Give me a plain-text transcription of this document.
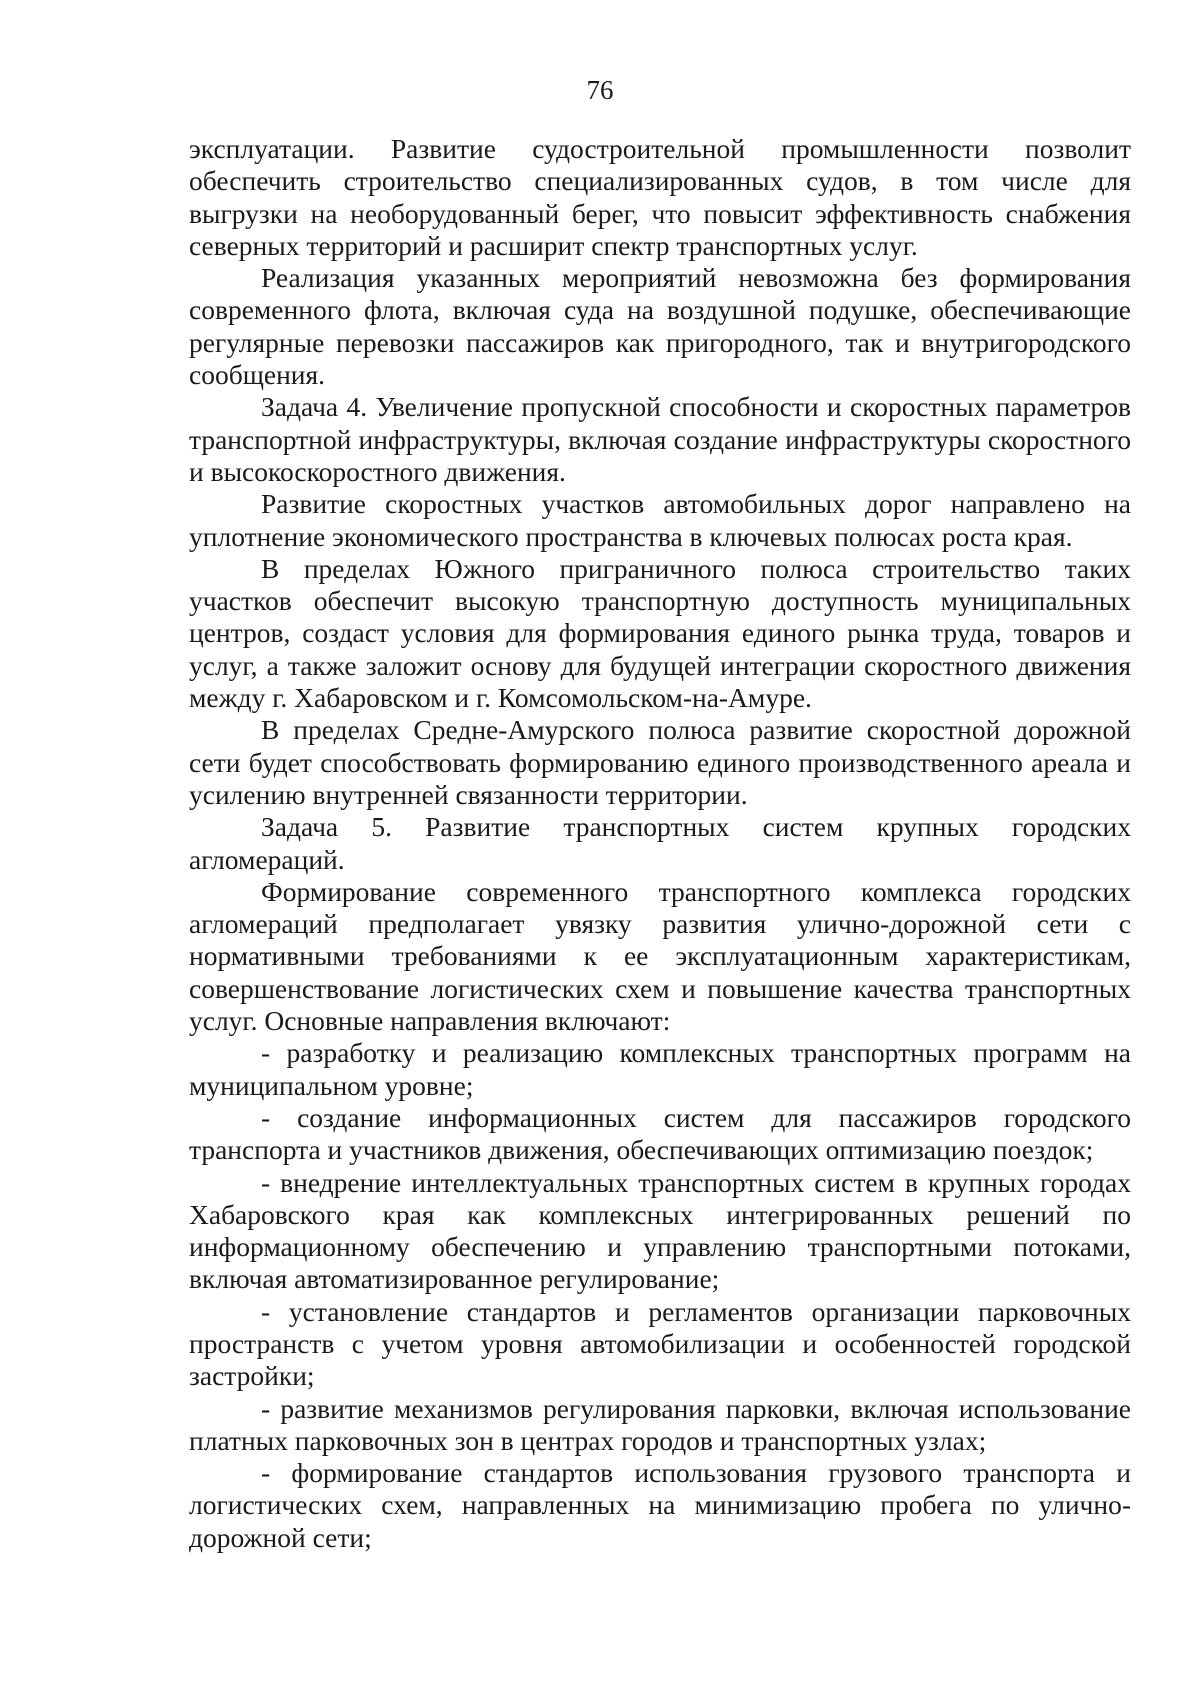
76

эксплуатации. Развитие судостроительной промышленности позволит обеспечить строительство специализированных судов, в том числе для выгрузки на необорудованный берег, что повысит эффективность снабжения северных территорий и расширит спектр транспортных услуг.

Реализация указанных мероприятий невозможна без формирования современного флота, включая суда на воздушной подушке, обеспечивающие регулярные перевозки пассажиров как пригородного, так и внутригородского сообщения.

Задача 4. Увеличение пропускной способности и скоростных параметров транспортной инфраструктуры, включая создание инфраструктуры скоростного и высокоскоростного движения.

Развитие скоростных участков автомобильных дорог направлено на уплотнение экономического пространства в ключевых полюсах роста края.

В пределах Южного приграничного полюса строительство таких участков обеспечит высокую транспортную доступность муниципальных центров, создаст условия для формирования единого рынка труда, товаров и услуг, а также заложит основу для будущей интеграции скоростного движения между г. Хабаровском и г. Комсомольском-на-Амуре.

В пределах Средне-Амурского полюса развитие скоростной дорожной сети будет способствовать формированию единого производственного ареала и усилению внутренней связанности территории.

Задача 5. Развитие транспортных систем крупных городских агломераций.

Формирование современного транспортного комплекса городских агломераций предполагает увязку развития улично-дорожной сети с нормативными требованиями к ее эксплуатационным характеристикам, совершенствование логистических схем и повышение качества транспортных услуг. Основные направления включают:

- разработку и реализацию комплексных транспортных программ на муниципальном уровне;

- создание информационных систем для пассажиров городского транспорта и участников движения, обеспечивающих оптимизацию поездок;

- внедрение интеллектуальных транспортных систем в крупных городах Хабаровского края как комплексных интегрированных решений по информационному обеспечению и управлению транспортными потоками, включая автоматизированное регулирование;

- установление стандартов и регламентов организации парковочных пространств с учетом уровня автомобилизации и особенностей городской застройки;

- развитие механизмов регулирования парковки, включая использование платных парковочных зон в центрах городов и транспортных узлах;

- формирование стандартов использования грузового транспорта и логистических схем, направленных на минимизацию пробега по улично-дорожной сети;
